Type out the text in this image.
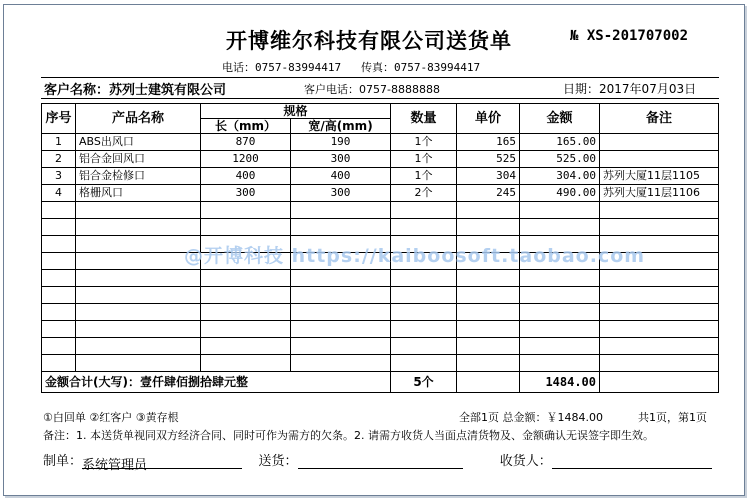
开博维尔科技有限公司送货单	№ XS-201707002
电话：0757-83994417 传真：0757-83994417
客户名称：苏列士建筑有限公司	客户电话：0757-8888888	日期：2017年07月03日
序号	产品名称	规格		数量	单价	金额	备注
		长（mm）	宽/高(mm)				
1	ABS出风口	870	190	1个	165	165.00	
2	铝合金回风口	1200	300	1个	525	525.00	
3	铝合金检修口	400	400	1个	304	304.00	苏列大厦11层1105
4	格栅风口	300	300	2个	245	490.00	苏列大厦11层1106

金额合计(大写)：壹仟肆佰捌拾肆元整				5个		1484.00	
@开博科技 https://kaiboosoft.taobao.com
①白回单 ②红客户 ③黄存根	全部1页 总金额：￥1484.00	共1页，第1页
备注：1. 本送货单视同双方经济合同、同时可作为需方的欠条。2. 请需方收货人当面点清货物及、金额确认无误签字即生效。
制单：系统管理员	送货：	收货人：
